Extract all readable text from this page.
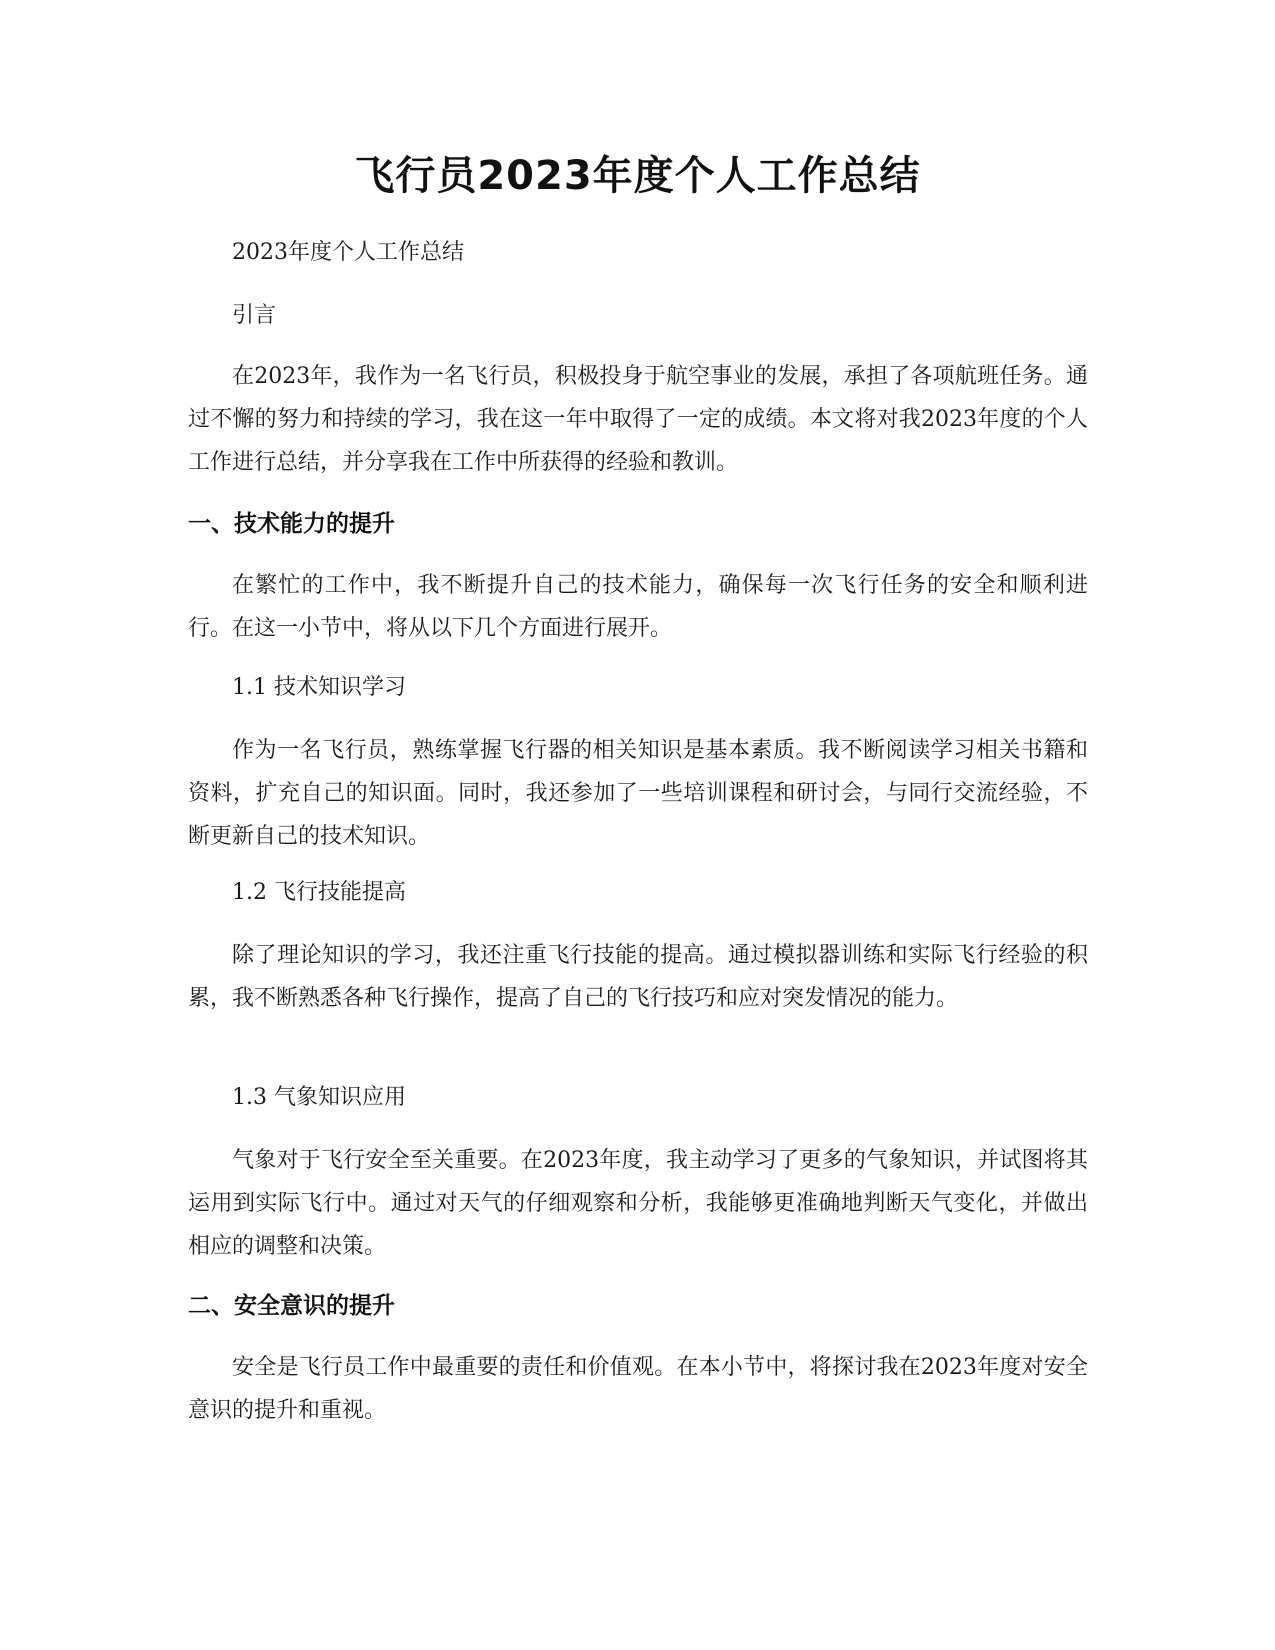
飞行员2023年度个人工作总结

2023年度个人工作总结

引言

在2023年，我作为一名飞行员，积极投身于航空事业的发展，承担了各项航班任务。通过不懈的努力和持续的学习，我在这一年中取得了一定的成绩。本文将对我2023年度的个人工作进行总结，并分享我在工作中所获得的经验和教训。

一、技术能力的提升

在繁忙的工作中，我不断提升自己的技术能力，确保每一次飞行任务的安全和顺利进行。在这一小节中，将从以下几个方面进行展开。

1.1 技术知识学习

作为一名飞行员，熟练掌握飞行器的相关知识是基本素质。我不断阅读学习相关书籍和资料，扩充自己的知识面。同时，我还参加了一些培训课程和研讨会，与同行交流经验，不断更新自己的技术知识。

1.2 飞行技能提高

除了理论知识的学习，我还注重飞行技能的提高。通过模拟器训练和实际飞行经验的积累，我不断熟悉各种飞行操作，提高了自己的飞行技巧和应对突发情况的能力。

1.3 气象知识应用

气象对于飞行安全至关重要。在2023年度，我主动学习了更多的气象知识，并试图将其运用到实际飞行中。通过对天气的仔细观察和分析，我能够更准确地判断天气变化，并做出相应的调整和决策。

二、安全意识的提升

安全是飞行员工作中最重要的责任和价值观。在本小节中，将探讨我在2023年度对安全意识的提升和重视。
